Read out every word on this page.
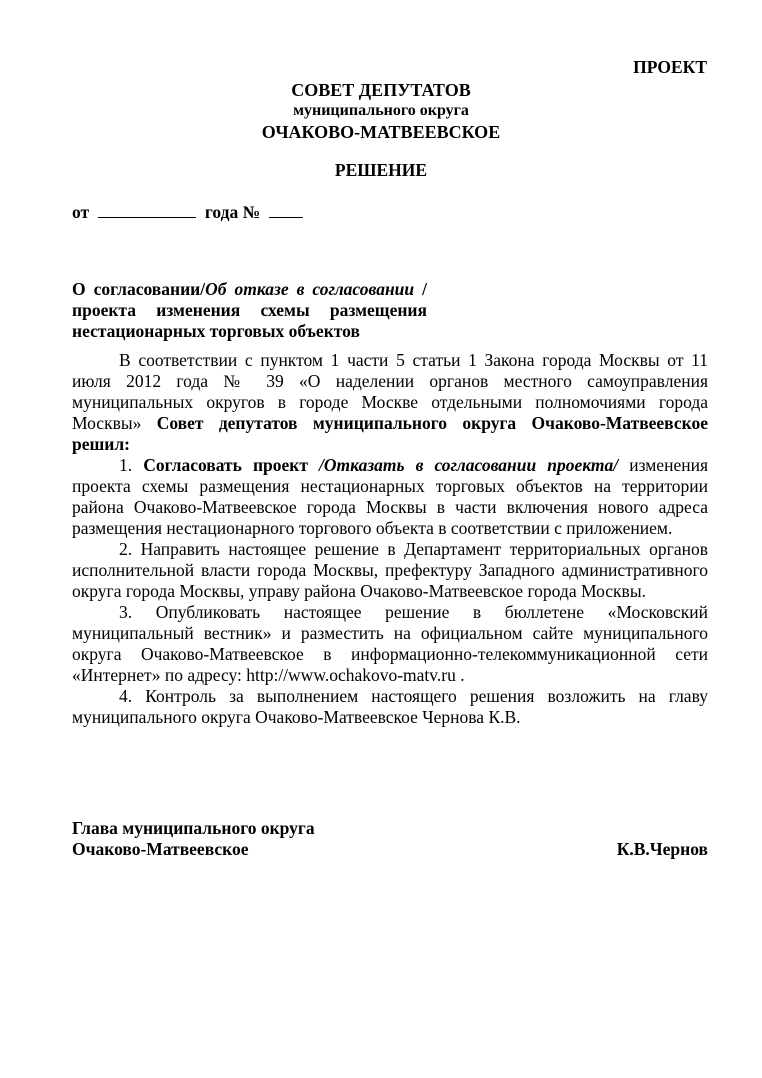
ПРОЕКТ
СОВЕТ ДЕПУТАТОВ
муниципального округа
ОЧАКОВО-МАТВЕЕВСКОЕ
РЕШЕНИЕ
от	года №
О согласовании/Об отказе в согласовании / проекта изменения схемы размещения нестационарных торговых объектов

В соответствии с пунктом 1 части 5 статьи 1 Закона города Москвы от 11 июля 2012 года № 39 «О наделении органов местного самоуправления муниципальных округов в городе Москве отдельными полномочиями города Москвы» Совет депутатов муниципального округа Очаково-Матвеевское решил:

1. Согласовать проект /Отказать в согласовании проекта/ изменения проекта схемы размещения нестационарных торговых объектов на территории района Очаково-Матвеевское города Москвы в части включения нового адреса размещения нестационарного торгового объекта в соответствии с приложением.

2. Направить настоящее решение в Департамент территориальных органов исполнительной власти города Москвы, префектуру Западного административного округа города Москвы, управу района Очаково-Матвеевское города Москвы.

3. Опубликовать настоящее решение в бюллетене «Московский муниципальный вестник» и разместить на официальном сайте муниципального округа Очаково-Матвеевское в информационно-телекоммуникационной сети «Интернет» по адресу: http://www.ochakovo-matv.ru .

4. Контроль за выполнением настоящего решения возложить на главу муниципального округа Очаково-Матвеевское Чернова К.В.

Глава муниципального округа
Очаково-Матвеевское	К.В.Чернов
